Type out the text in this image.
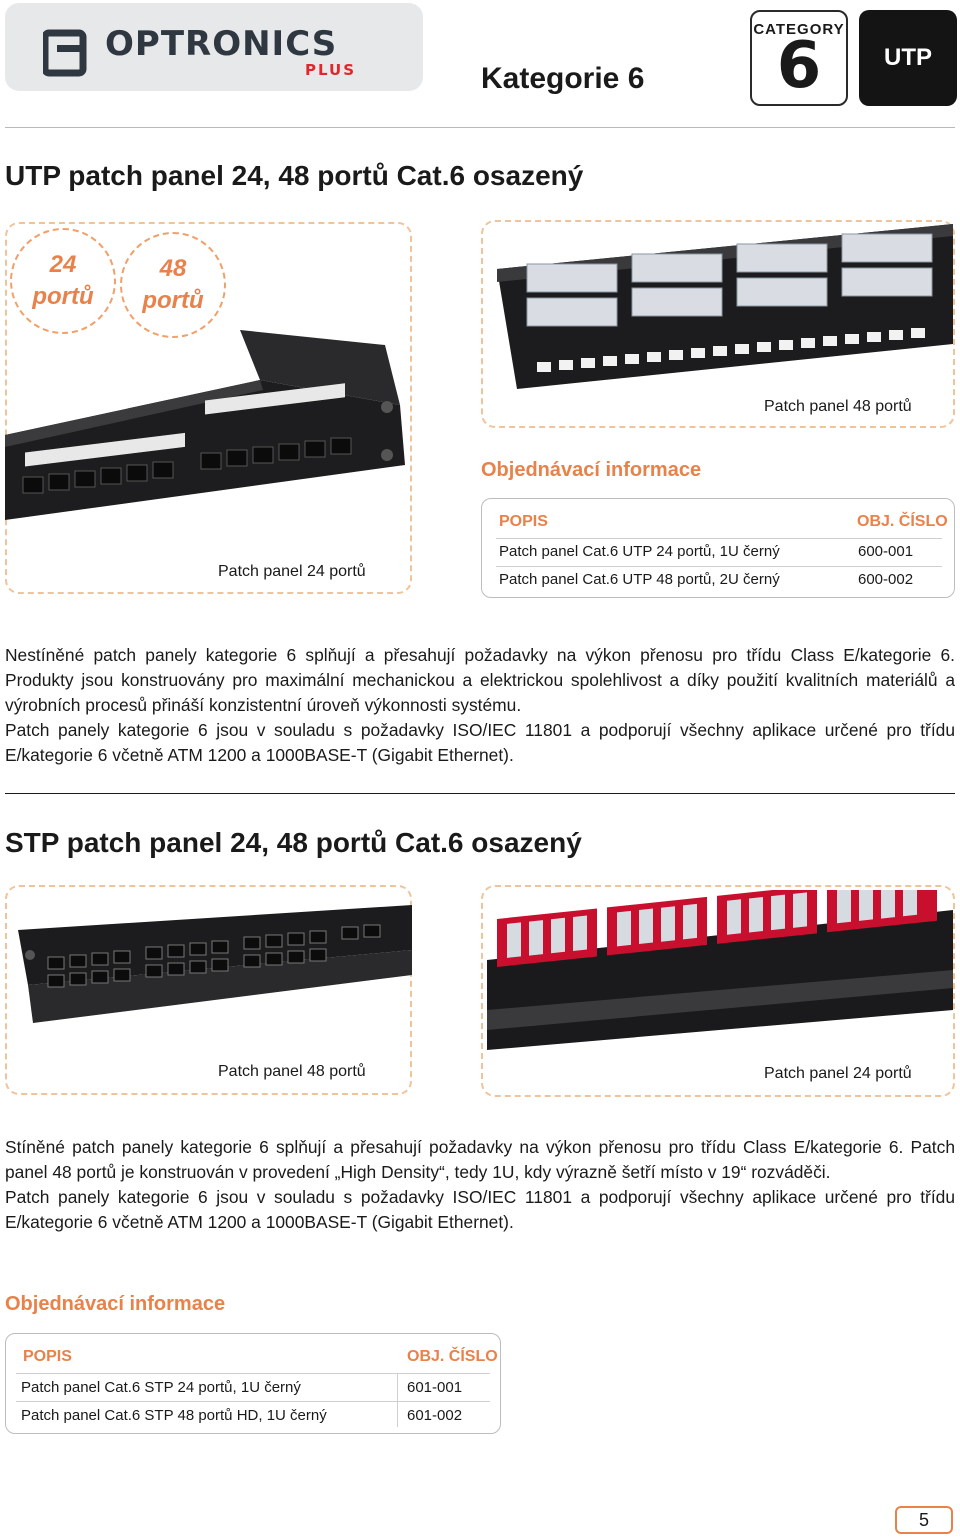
OPTRONICS
PLUS	Kategorie 6
CATEGORY
6	UTP
UTP patch panel 24, 48 portů Cat.6 osazený
24
portů
48
portů
Patch panel 24 portů
Patch panel 48 portů
Objednávací informace
POPIS	OBJ. ČÍSLO
Patch panel Cat.6 UTP 24 portů, 1U černý	600-001
Patch panel Cat.6 UTP 48 portů, 2U černý	600-002

Nestíněné patch panely kategorie 6 splňují a přesahují požadavky na výkon přenosu pro třídu Class E/kategorie 6. Produkty jsou konstruovány pro maximální mechanickou a elektrickou spolehlivost a díky použití kvalitních materiálů a výrobních procesů přináší konzistentní úroveň výkonnosti systému.

Patch panely kategorie 6 jsou v souladu s požadavky ISO/IEC 11801 a podporují všechny aplikace určené pro třídu E/kategorie 6 včetně ATM 1200 a 1000BASE-T (Gigabit Ethernet).

STP patch panel 24, 48 portů Cat.6 osazený
Patch panel 48 portů	Patch panel 24 portů

Stíněné patch panely kategorie 6 splňují a přesahují požadavky na výkon přenosu pro třídu Class E/kategorie 6. Patch panel 48 portů je konstruován v provedení „High Density“, tedy 1U, kdy výrazně šetří místo v 19“ rozváděči.

Patch panely kategorie 6 jsou v souladu s požadavky ISO/IEC 11801 a podporují všechny aplikace určené pro třídu E/kategorie 6 včetně ATM 1200 a 1000BASE-T (Gigabit Ethernet).

Objednávací informace
POPIS	OBJ. ČÍSLO
Patch panel Cat.6 STP 24 portů, 1U černý	601-001
Patch panel Cat.6 STP 48 portů HD, 1U černý	601-002
5
